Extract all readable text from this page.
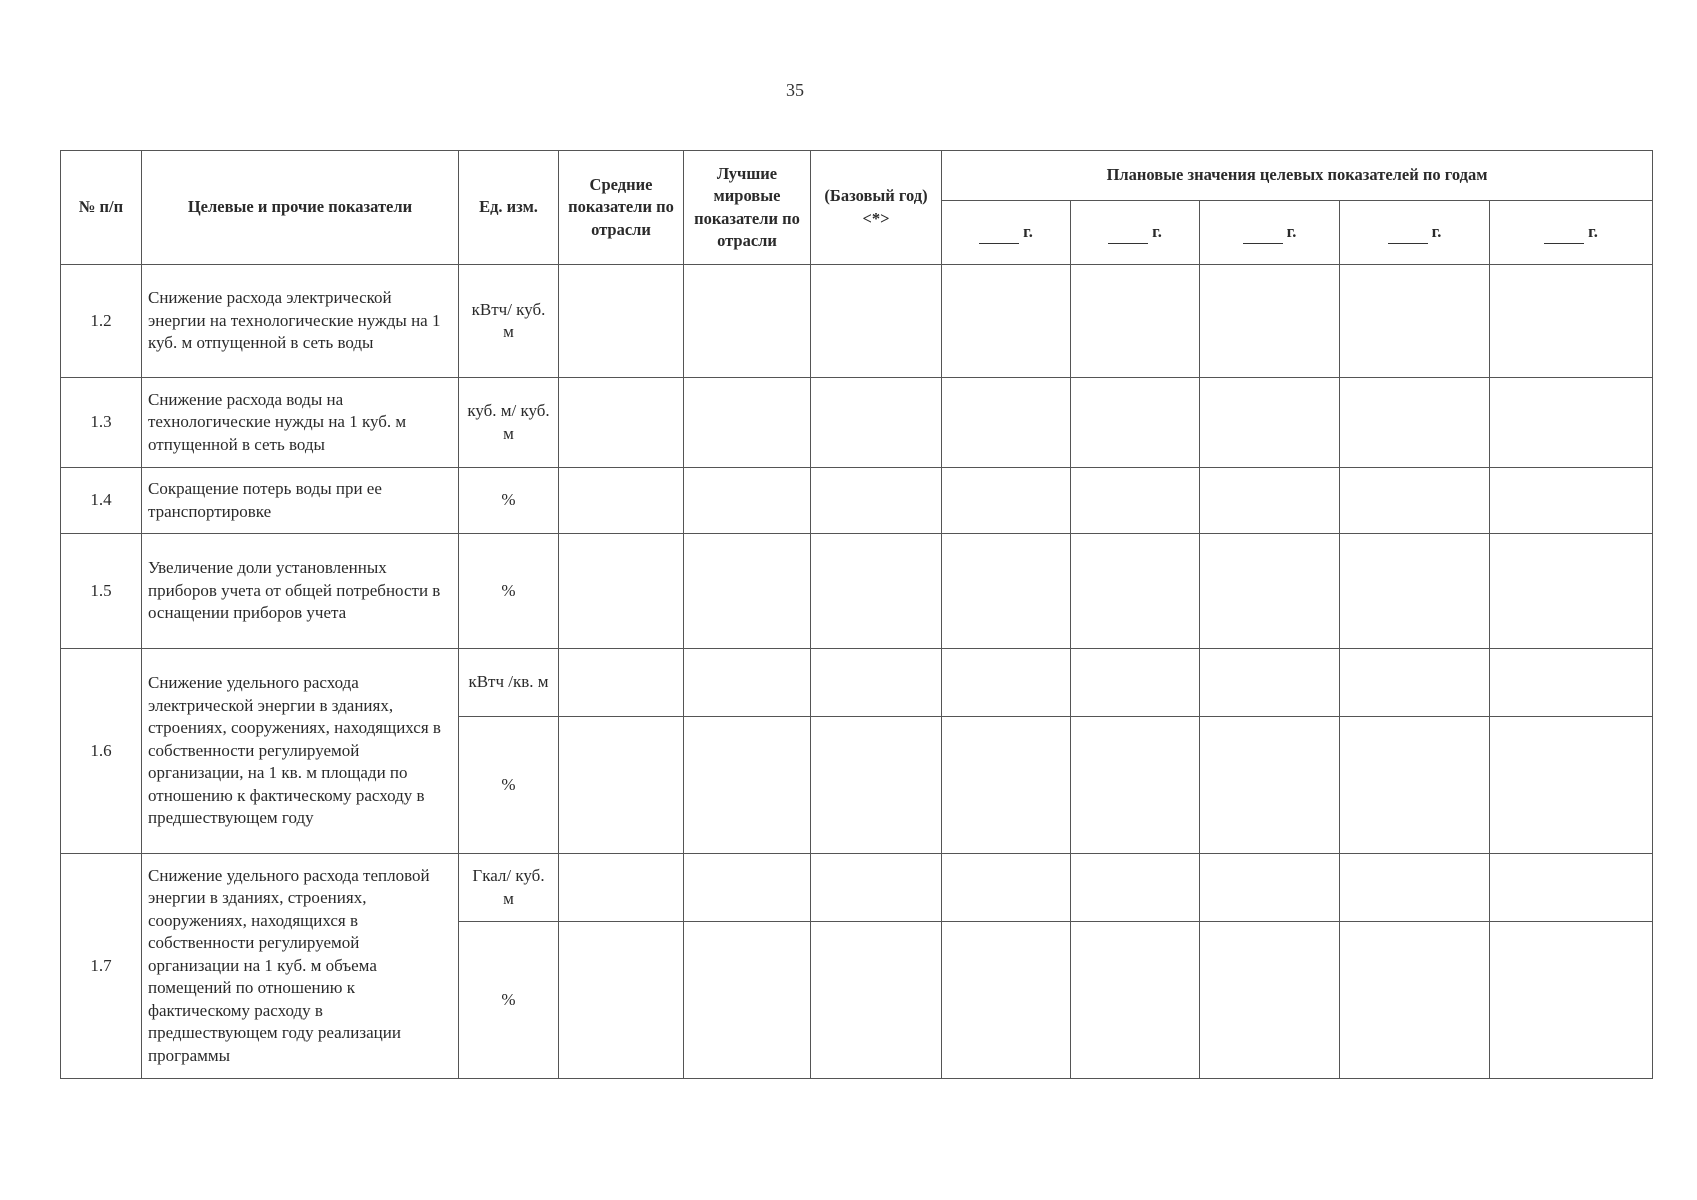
35
№ п/п	Целевые и прочие показатели	Ед. изм.	Средние показатели по отрасли	Лучшие мировые показатели по отрасли	(Базовый год) <*>	Плановые значения целевых показателей по годам				
						г.	г.	г.	г.	г.
1.2	Снижение расхода электрической энергии на технологические нужды на 1 куб. м отпущенной в сеть воды	кВтч/ куб. м								
1.3	Снижение расхода воды на технологические нужды на 1 куб. м отпущенной в сеть воды	куб. м/ куб. м								
1.4	Сокращение потерь воды при ее транспортировке	%								
1.5	Увеличение доли установленных приборов учета от общей потребности в оснащении приборов учета	%								
1.6	Снижение удельного расхода электрической энергии в зданиях, строениях, сооружениях, находящихся в собственности регулируемой организации, на 1 кв. м площади по отношению к фактическому расходу в предшествующем году	кВтч /кв. м								
		%								
1.7	Снижение удельного расхода тепловой энергии в зданиях, строениях, сооружениях, находящихся в собственности регулируемой организации на 1 куб. м объема помещений по отношению к фактическому расходу в предшествующем году реализации программы	Гкал/ куб. м								
		%								
